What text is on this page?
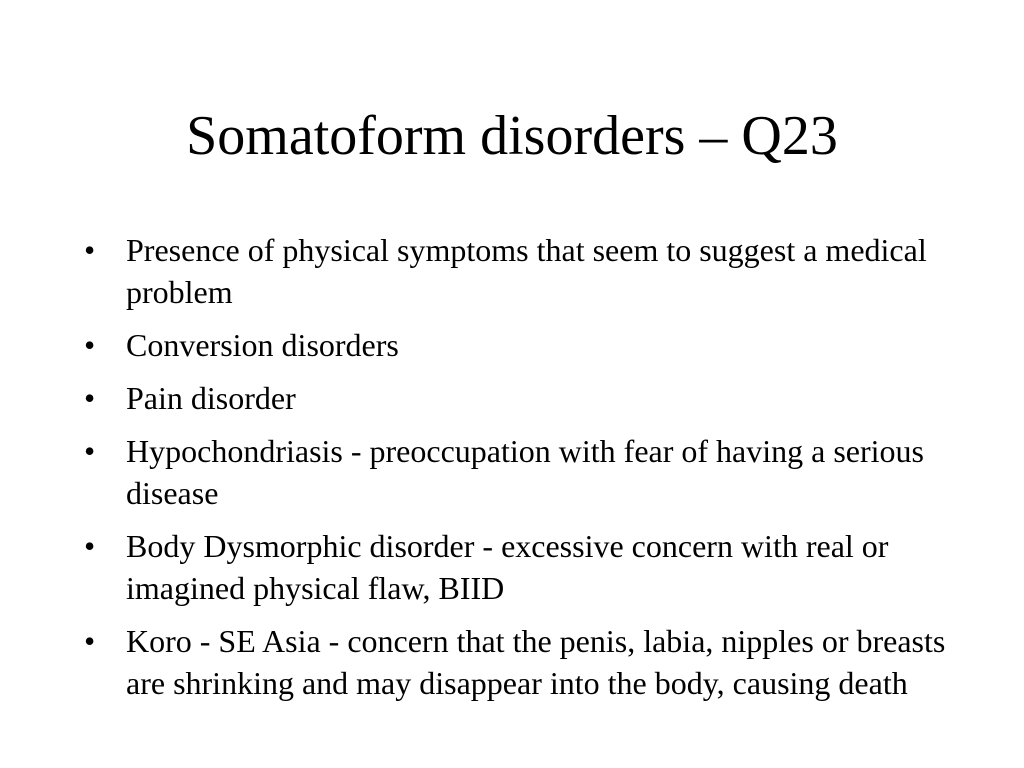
Somatoform disorders – Q23
• Presence of physical symptoms that seem to suggest a medical problem
• Conversion disorders
• Pain disorder
• Hypochondriasis - preoccupation with fear of having a serious disease
• Body Dysmorphic disorder - excessive concern with real or imagined physical flaw, BIID
• Koro - SE Asia - concern that the penis, labia, nipples or breasts are shrinking and may disappear into the body, causing death
